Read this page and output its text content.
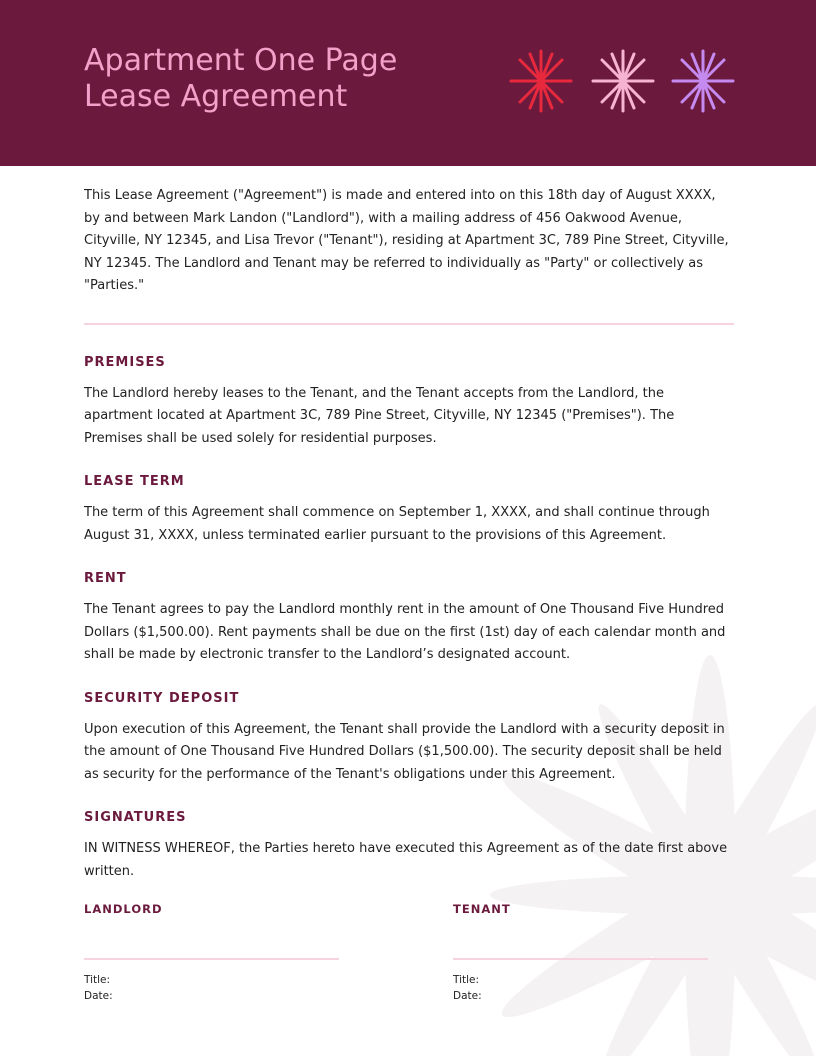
Apartment One Page
Lease Agreement

This Lease Agreement ("Agreement") is made and entered into on this 18th day of August XXXX, by and between Mark Landon ("Landlord"), with a mailing address of 456 Oakwood Avenue, Cityville, NY 12345, and Lisa Trevor ("Tenant"), residing at Apartment 3C, 789 Pine Street, Cityville, NY 12345. The Landlord and Tenant may be referred to individually as "Party" or collectively as "Parties."

PREMISES

The Landlord hereby leases to the Tenant, and the Tenant accepts from the Landlord, the apartment located at Apartment 3C, 789 Pine Street, Cityville, NY 12345 ("Premises"). The Premises shall be used solely for residential purposes.

LEASE TERM

The term of this Agreement shall commence on September 1, XXXX, and shall continue through August 31, XXXX, unless terminated earlier pursuant to the provisions of this Agreement.

RENT

The Tenant agrees to pay the Landlord monthly rent in the amount of One Thousand Five Hundred Dollars ($1,500.00). Rent payments shall be due on the first (1st) day of each calendar month and shall be made by electronic transfer to the Landlord’s designated account.

SECURITY DEPOSIT

Upon execution of this Agreement, the Tenant shall provide the Landlord with a security deposit in the amount of One Thousand Five Hundred Dollars ($1,500.00). The security deposit shall be held as security for the performance of the Tenant's obligations under this Agreement.

SIGNATURES

IN WITNESS WHEREOF, the Parties hereto have executed this Agreement as of the date first above written.

LANDLORD
Title:
Date:
TENANT
Title:
Date:
